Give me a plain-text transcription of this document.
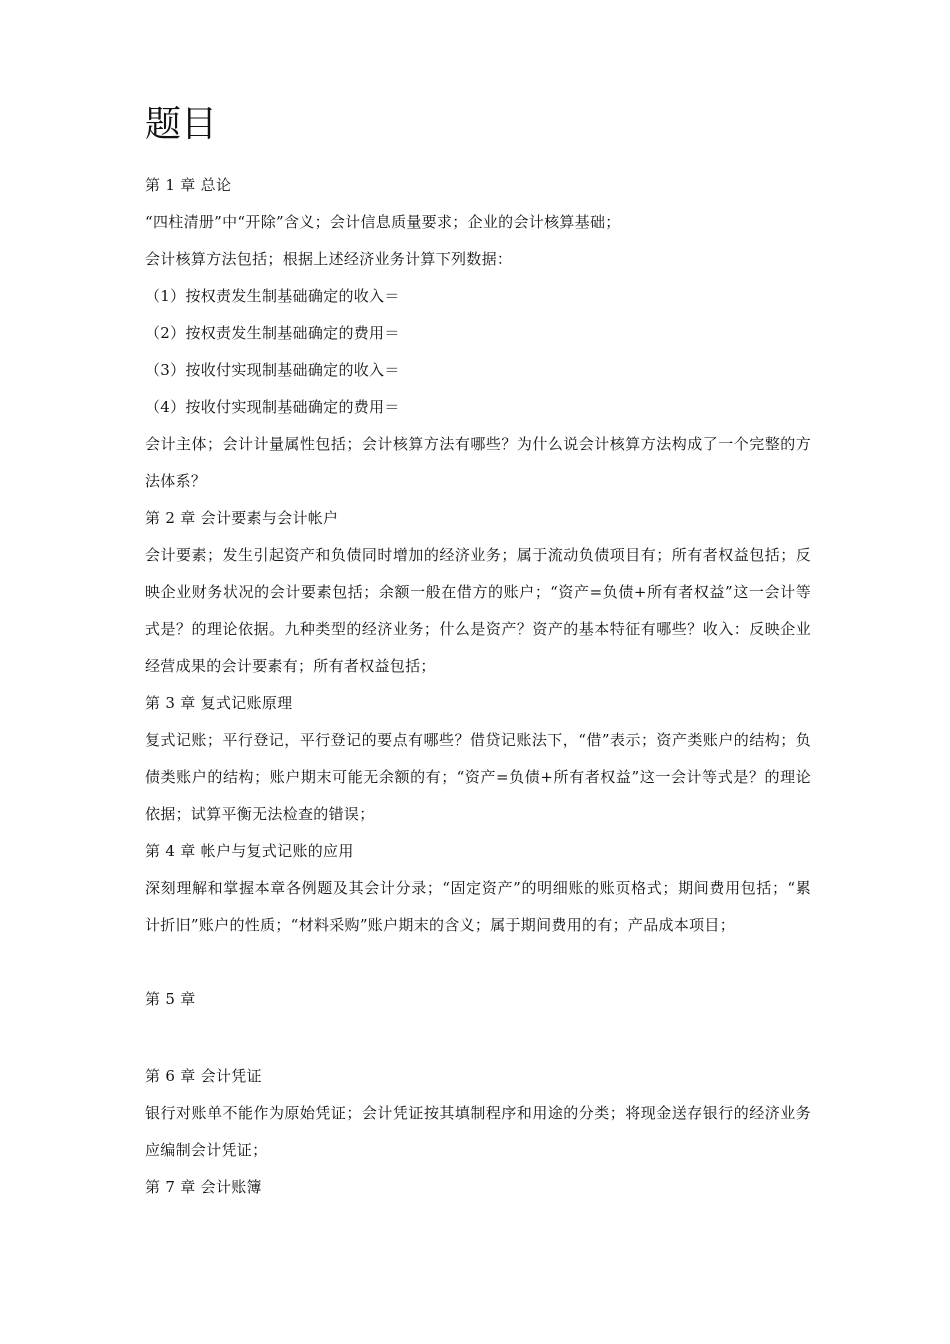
题目

第 1 章 总论

“四柱清册”中“开除”含义；会计信息质量要求；企业的会计核算基础；

会计核算方法包括；根据上述经济业务计算下列数据：

（1）按权责发生制基础确定的收入＝

（2）按权责发生制基础确定的费用＝

（3）按收付实现制基础确定的收入＝

（4）按收付实现制基础确定的费用＝

会计主体；会计计量属性包括；会计核算方法有哪些？为什么说会计核算方法构成了一个完整的方法体系？

第 2 章 会计要素与会计帐户

会计要素；发生引起资产和负债同时增加的经济业务；属于流动负债项目有；所有者权益包括；反映企业财务状况的会计要素包括；余额一般在借方的账户；“资产=负债+所有者权益”这一会计等式是？的理论依据。九种类型的经济业务；什么是资产？资产的基本特征有哪些？收入：反映企业经营成果的会计要素有；所有者权益包括；

第 3 章 复式记账原理

复式记账；平行登记，平行登记的要点有哪些？借贷记账法下，“借”表示；资产类账户的结构；负债类账户的结构；账户期末可能无余额的有；“资产=负债+所有者权益”这一会计等式是？的理论依据；试算平衡无法检查的错误；

第 4 章 帐户与复式记账的应用

深刻理解和掌握本章各例题及其会计分录；“固定资产”的明细账的账页格式；期间费用包括；“累计折旧”账户的性质；“材料采购”账户期末的含义；属于期间费用的有；产品成本项目；

第 5 章

第 6 章 会计凭证

银行对账单不能作为原始凭证；会计凭证按其填制程序和用途的分类；将现金送存银行的经济业务应编制会计凭证；

第 7 章 会计账簿
